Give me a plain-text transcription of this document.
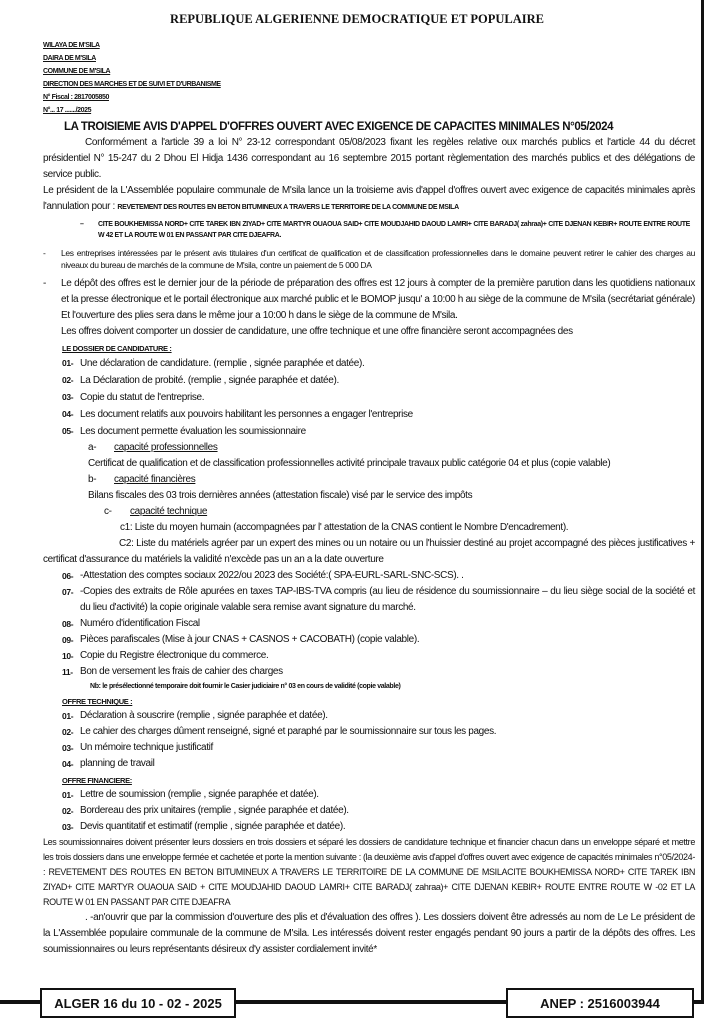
REPUBLIQUE ALGERIENNE DEMOCRATIQUE ET POPULAIRE
WILAYA DE M'SILA
DAIRA DE M'SILA
COMMUNE DE M'SILA
DIRECTION DES MARCHES ET DE SUIVI ET D'URBANISME
N° Fiscal : 2817005850
N°... 17 ......./2025
LA TROISIEME AVIS D'APPEL D'OFFRES OUVERT AVEC EXIGENCE DE CAPACITES MINIMALES N°05/2024
Conformément a l'article 39 a loi N° 23-12 correspondant 05/08/2023 fixant les regèles relative oux marchés publics et l'article 44 du décret présidentiel N° 15-247 du 2 Dhou El Hidja 1436 correspondant au 16 septembre 2015 portant règlementation des marchés publics et des délégations de service public.
Le président de la L'Assemblée populaire communale de M'sila lance un la troisieme avis d'appel d'offres ouvert avec exigence de capacités minimales après l'annulation pour : REVETEMENT DES ROUTES EN BETON BITUMINEUX A TRAVERS LE TERRITOIRE DE LA COMMUNE DE MSILA
– CITE BOUKHEMISSA NORD+ CITE TAREK IBN ZIYAD+ CITE MARTYR OUAOUA SAID+ CITE MOUDJAHID DAOUD LAMRI+ CITE BARADJ( zahraa)+ CITE DJENAN KEBIR+ ROUTE ENTRE ROUTE W 42 ET LA ROUTE W 01 EN PASSANT PAR CITE DJEAFRA.
- Les entreprises intéressées par le présent avis titulaires d'un certificat de qualification et de classification professionnelles dans le domaine peuvent retirer le cahier des charges au niveaux du bureau de marchés de la commune de M'sila, contre un paiement de 5 000 DA
- Le dépôt des offres est le dernier jour de la période de préparation des offres est 12 jours à compter de la première parution dans les quotidiens nationaux et la presse électronique et le portail électronique aux marché public et le BOMOP jusqu' a 10:00 h au siège de la commune de M'sila (secrétariat générale) Et l'ouverture des plies sera dans le même jour a 10:00 h dans le siège de la commune de M'sila.
Les offres doivent comporter un dossier de candidature, une offre technique et une offre financière seront accompagnées des
LE DOSSIER DE CANDIDATURE :
01- Une déclaration de candidature. (remplie , signée paraphée et datée).
02- La Déclaration de probité. (remplie , signée paraphée et datée).
03- Copie du statut de l'entreprise.
04- Les document relatifs aux pouvoirs habilitant les personnes a engager l'entreprise
05- Les document permette évaluation les soumissionnaire
a- capacité professionnelles
Certificat de qualification et de classification professionnelles activité principale travaux public catégorie 04 et plus (copie valable)
b- capacité financières
Bilans fiscales des 03 trois dernières années (attestation fiscale) visé par le service des impôts
c- capacité technique
c1: Liste du moyen humain (accompagnées par l' attestation de la CNAS contient le Nombre D'encadrement).
C2: Liste du matériels agréer par un expert des mines ou un notaire ou un l'huissier destiné au projet accompagné des pièces justificatives + certificat d'assurance du matériels la validité n'excède pas un an a la date ouverture
06- -Attestation des comptes sociaux 2022/ou 2023 des Société:( SPA-EURL-SARL-SNC-SCS). .
07- -Copies des extraits de Rôle apurées en taxes TAP-IBS-TVA compris (au lieu de résidence du soumissionnaire – du lieu siège social de la société et du lieu d'activité) la copie originale valable sera remise avant signature du marché.
08- Numéro d'identification Fiscal
09- Pièces parafiscales (Mise à jour CNAS + CASNOS + CACOBATH) (copie valable).
10- Copie du Registre électronique du commerce.
11- Bon de versement les frais de cahier des charges
Nb: le présélectionné temporaire doit fournir le Casier judiciaire n° 03 en cours de validité (copie valable)
OFFRE TECHNIQUE :
01- Déclaration à souscrire (remplie , signée paraphée et datée).
02- Le cahier des charges dûment renseigné, signé et paraphé par le soumissionnaire sur tous les pages.
03- Un mémoire technique justificatif
04- planning de travail
OFFRE FINANCIERE:
01- Lettre de soumission (remplie , signée paraphée et datée).
02- Bordereau des prix unitaires (remplie , signée paraphée et datée).
03- Devis quantitatif et estimatif (remplie , signée paraphée et datée).
Les soumissionnaires doivent présenter leurs dossiers en trois dossiers et séparé les dossiers de candidature technique et financier chacun dans un enveloppe séparé et mettre les trois dossiers dans une enveloppe fermée et cachetée et porte la mention suivante : (la deuxième avis d'appel d'offres ouvert avec exigence de capacités minimales n°05/2024- : REVETEMENT DES ROUTES EN BETON BITUMINEUX A TRAVERS LE TERRITOIRE DE LA COMMUNE DE MSILACITE BOUKHEMISSA NORD+ CITE TAREK IBN ZIYAD+ CITE MARTYR OUAOUA SAID + CITE MOUDJAHID DAOUD LAMRI+ CITE BARADJ( zahraa)+ CITE DJENAN KEBIR+ ROUTE ENTRE ROUTE W -02 ET LA ROUTE W 01 EN PASSANT PAR CITE DJEAFRA
. -an'ouvrir que par la commission d'ouverture des plis et d'évaluation des offres ). Les dossiers doivent être adressés au nom de Le Le président de la L'Assemblée populaire communale de la commune de M'sila. Les intéressés doivent rester engagés pendant 90 jours a partir de la dépôts des offres. Les soumissionnaires ou leurs représentants désireux d'y assister cordialement invité*
ALGER 16 du 10 - 02 - 2025	ANEP : 2516003944
